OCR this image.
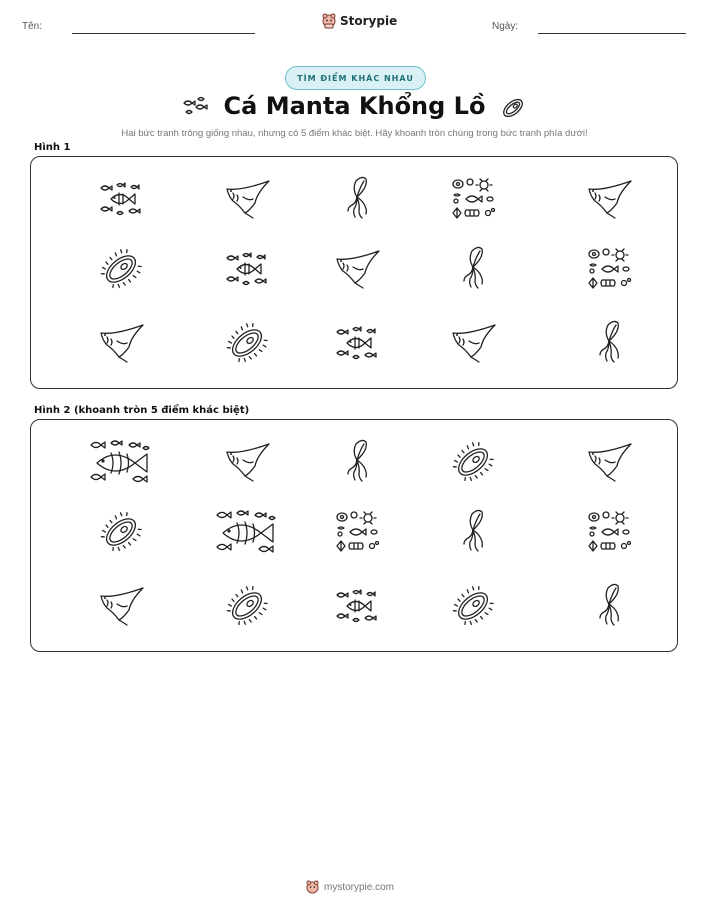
Tên:	Storypie	Ngày:
TÌM ĐIỂM KHÁC NHAU
Cá Manta Khổng Lồ
Hai bức tranh trông giống nhau, nhưng có 5 điểm khác biệt. Hãy khoanh tròn chúng trong bức tranh phía dưới!
Hình 1
Hình 2 (khoanh tròn 5 điểm khác biệt)
mystorypie.com
